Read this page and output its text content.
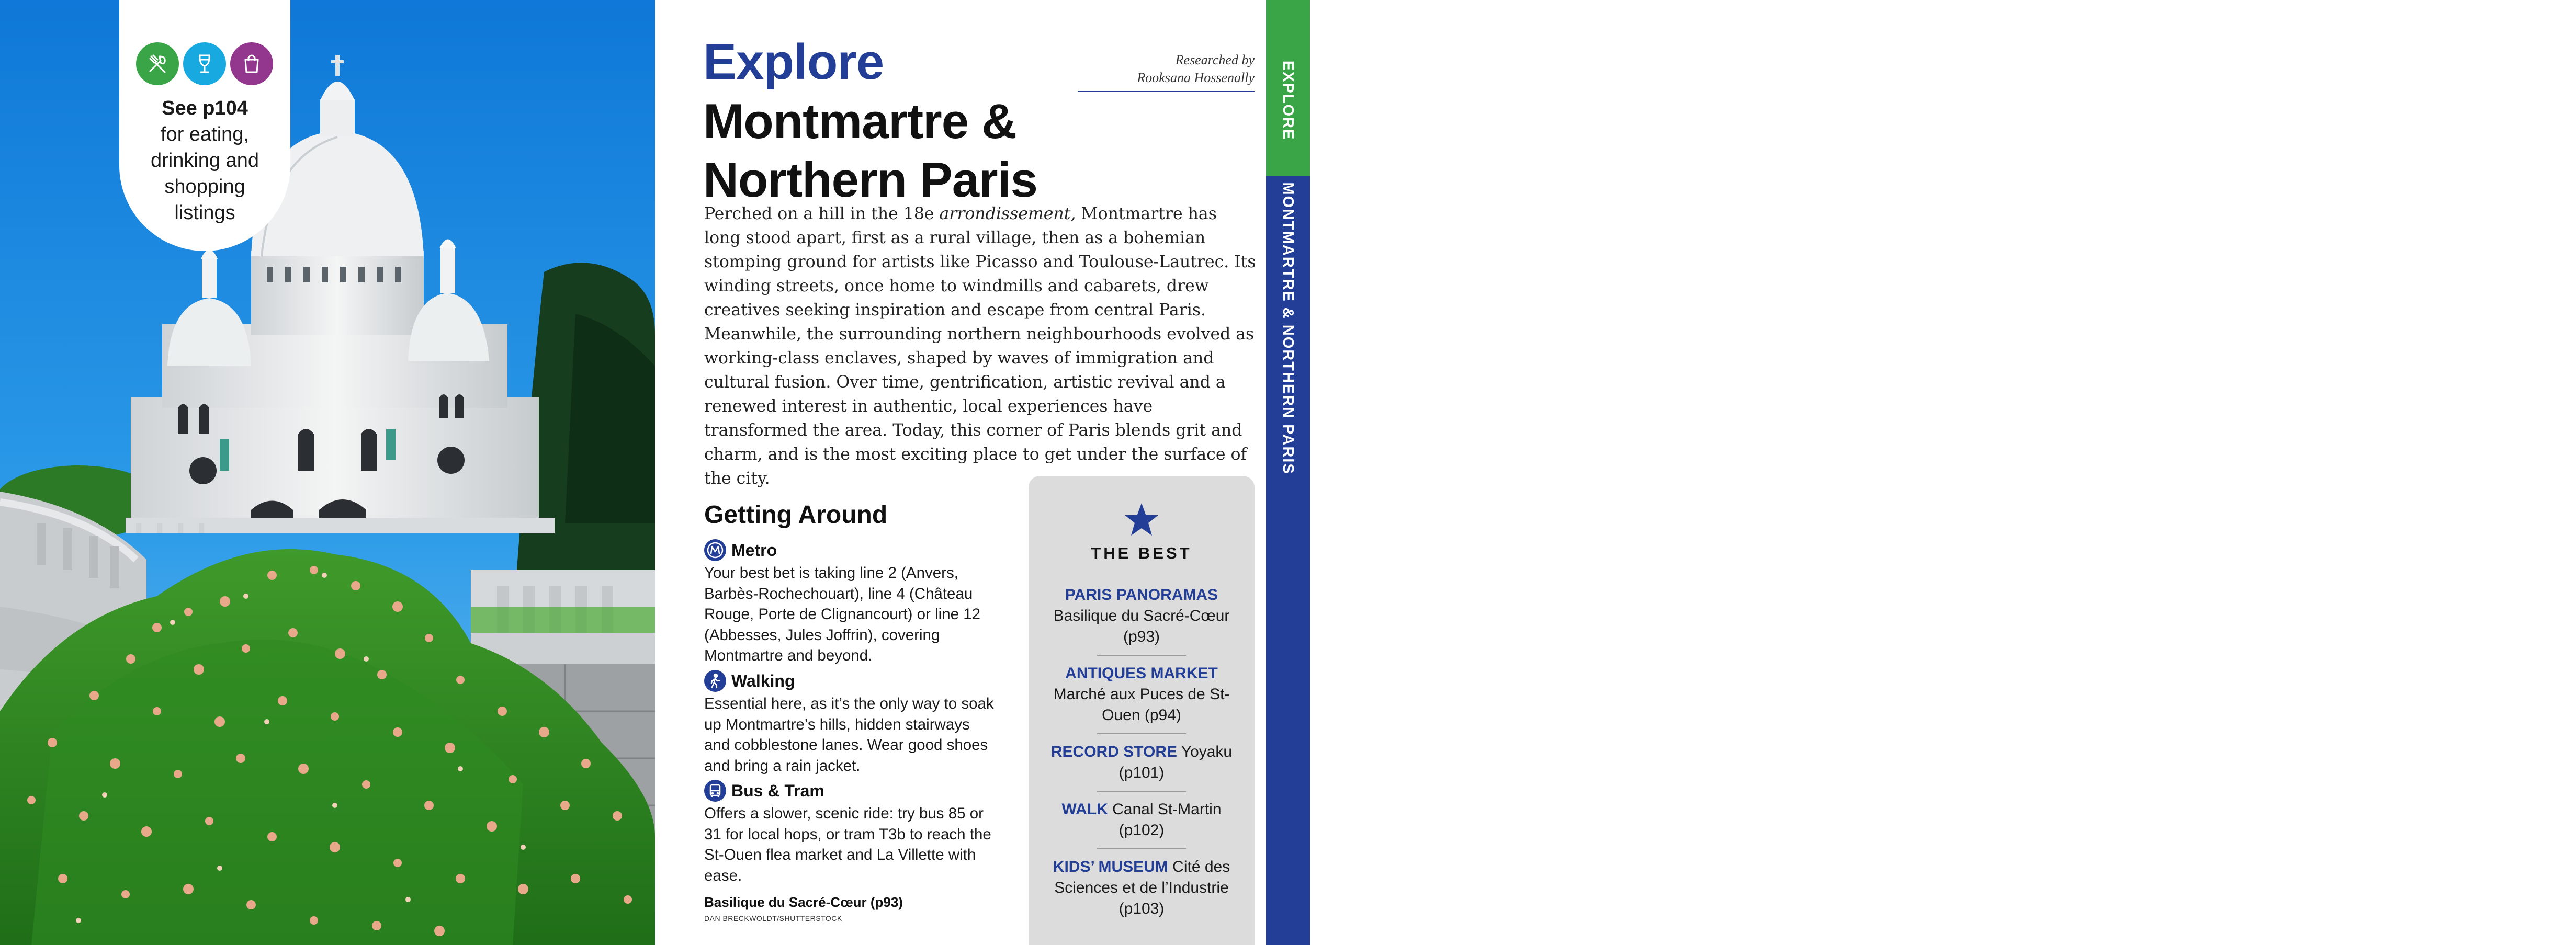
See p104
for eating,
drinking and
shopping
listings
Explore
Montmartre &
Northern Paris
Researched by
Rooksana Hossenally

Perched on a hill in the 18e arrondissement, Montmartre has long stood apart, first as a rural village, then as a bohemian stomping ground for artists like Picasso and Toulouse-Lautrec. Its winding streets, once home to windmills and cabarets, drew creatives seeking inspiration and escape from central Paris. Meanwhile, the surrounding northern neighbourhoods evolved as working-class enclaves, shaped by waves of immigration and cultural fusion. Over time, gentrification, artistic revival and a renewed interest in authentic, local experiences have transformed the area. Today, this corner of Paris blends grit and charm, and is the most exciting place to get under the surface of the city.

Getting Around
Metro
Your best bet is taking line 2 (Anvers, Barbès-Rochechouart), line 4 (Château Rouge, Porte de Clignancourt) or line 12 (Abbesses, Jules Joffrin), covering Montmartre and beyond.
Walking
Essential here, as it’s the only way to soak up Montmartre’s hills, hidden stairways and cobblestone lanes. Wear good shoes and bring a rain jacket.
Bus & Tram
Offers a slower, scenic ride: try bus 85 or 31 for local hops, or tram T3b to reach the St-Ouen flea market and La Villette with ease.
Basilique du Sacré-Cœur (p93)
DAN BRECKWOLDT/SHUTTERSTOCK
THE BEST
PARIS PANORAMAS Basilique du Sacré-Cœur (p93)
ANTIQUES MARKET Marché aux Puces de St-Ouen (p94)
RECORD STORE Yoyaku (p101)
WALK Canal St-Martin (p102)
KIDS’ MUSEUM Cité des Sciences et de l’Industrie (p103)
89
EXPLORE
MONTMARTRE & NORTHERN PARIS
